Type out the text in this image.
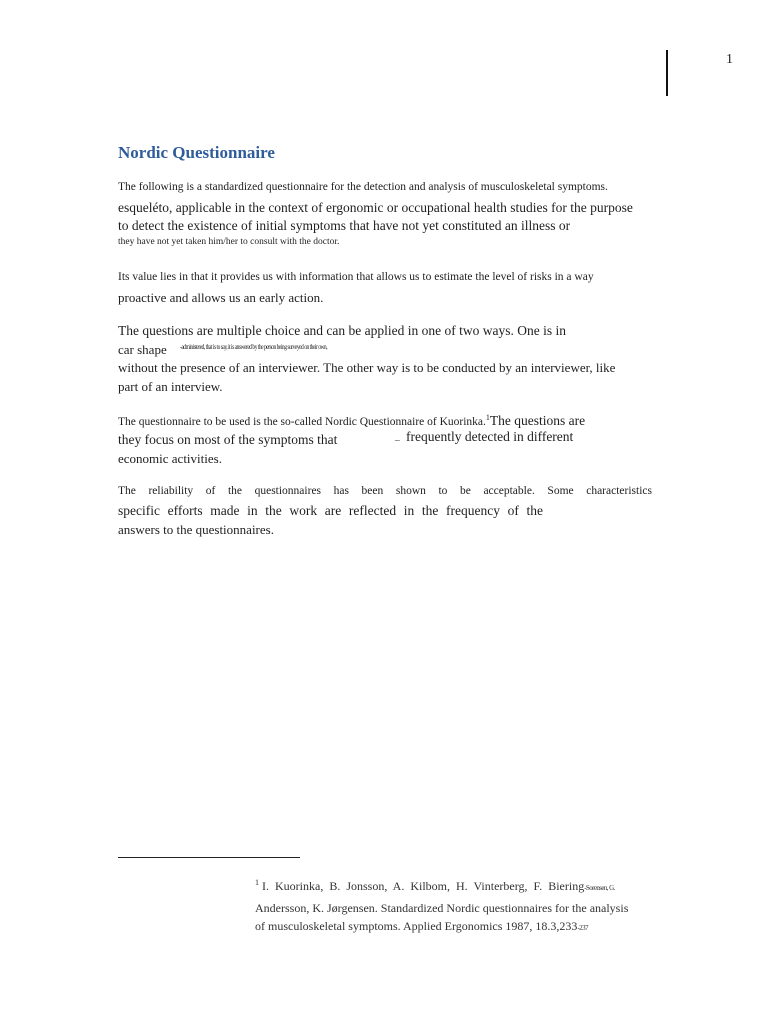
1
Nordic Questionnaire
The following is a standardized questionnaire for the detection and analysis of musculoskeletal symptoms.
esqueléto, applicable in the context of ergonomic or occupational health studies for the purpose
to detect the existence of initial symptoms that have not yet constituted an illness or
they have not yet taken him/her to consult with the doctor.
Its value lies in that it provides us with information that allows us to estimate the level of risks in a way
proactive and allows us an early action.
The questions are multiple choice and can be applied in one of two ways. One is in
car shape -administered, that is to say, it is answered by the person being surveyed on their own,
without the presence of an interviewer. The other way is to be conducted by an interviewer, like
part of an interview.
The questionnaire to be used is the so-called Nordic Questionnaire of Kuorinka.$^1$The questions are
they focus on most of the symptoms that	_ frequently detected in different
economic activities.
The reliability of the questionnaires has been shown to be acceptable. Some characteristics
specific efforts made in the work are reflected in the frequency of the
answers to the questionnaires.
$^1$ I. Kuorinka, B. Jonsson, A. Kilbom, H. Vinterberg, F. Biering-Sorensen, G.
Andersson, K. Jørgensen. Standardized Nordic questionnaires for the analysis
of musculoskeletal symptoms. Applied Ergonomics 1987, 18.3,233-237
